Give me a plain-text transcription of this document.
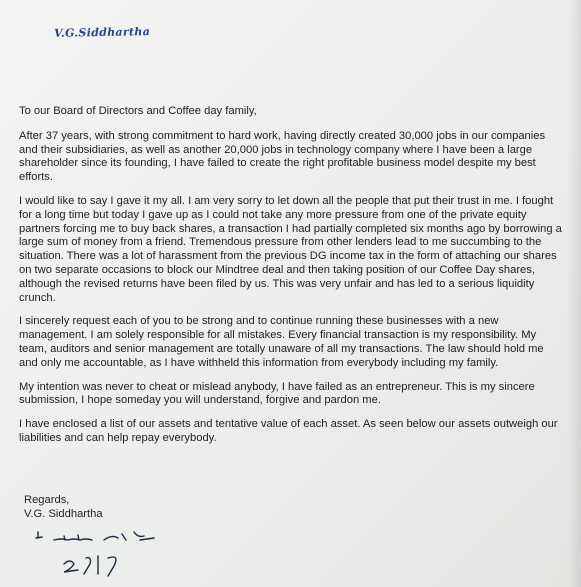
V.G.Siddhartha

To our Board of Directors and Coffee day family,

After 37 years, with strong commitment to hard work, having directly created 30,000 jobs in our companies and their subsidiaries, as well as another 20,000 jobs in technology company where I have been a large shareholder since its founding, I have failed to create the right profitable business model despite my best efforts.

I would like to say I gave it my all. I am very sorry to let down all the people that put their trust in me. I fought for a long time but today I gave up as I could not take any more pressure from one of the private equity partners forcing me to buy back shares, a transaction I had partially completed six months ago by borrowing a large sum of money from a friend. Tremendous pressure from other lenders lead to me succumbing to the situation. There was a lot of harassment from the previous DG income tax in the form of attaching our shares on two separate occasions to block our Mindtree deal and then taking position of our Coffee Day shares, although the revised returns have been filed by us. This was very unfair and has led to a serious liquidity crunch.

I sincerely request each of you to be strong and to continue running these businesses with a new management. I am solely responsible for all mistakes. Every financial transaction is my responsibility. My team, auditors and senior management are totally unaware of all my transactions. The law should hold me and only me accountable, as I have withheld this information from everybody including my family.

My intention was never to cheat or mislead anybody, I have failed as an entrepreneur. This is my sincere submission, I hope someday you will understand, forgive and pardon me.

I have enclosed a list of our assets and tentative value of each asset. As seen below our assets outweigh our liabilities and can help repay everybody.

Regards,
V.G. Siddhartha
